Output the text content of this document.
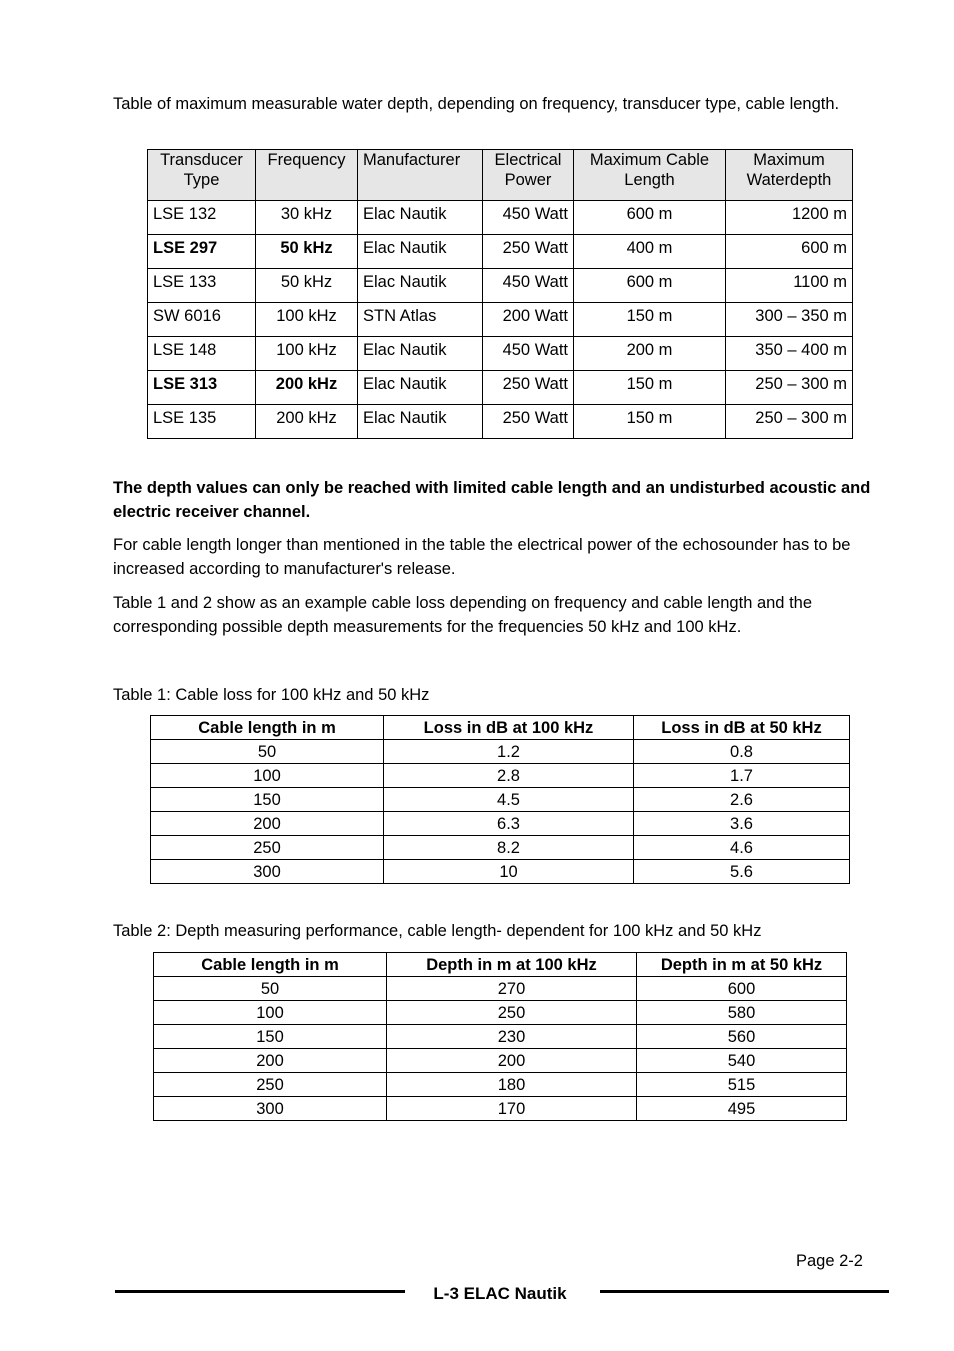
Table of maximum measurable water depth, depending on frequency, transducer type, cable length.

Transducer Type	Frequency	Manufacturer	Electrical Power	Maximum Cable Length	Maximum Waterdepth
LSE 132	30 kHz	Elac Nautik	450 Watt	600 m	1200 m
LSE 297	50 kHz	Elac Nautik	250 Watt	400 m	600 m
LSE 133	50 kHz	Elac Nautik	450 Watt	600 m	1100 m
SW 6016	100 kHz	STN Atlas	200 Watt	150 m	300 – 350 m
LSE 148	100 kHz	Elac Nautik	450 Watt	200 m	350 – 400 m
LSE 313	200 kHz	Elac Nautik	250 Watt	150 m	250 – 300 m
LSE 135	200 kHz	Elac Nautik	250 Watt	150 m	250 – 300 m

The depth values can only be reached with limited cable length and an undisturbed acoustic and electric receiver channel.

For cable length longer than mentioned in the table the electrical power of the echosounder has to be increased according to manufacturer's release.

Table 1 and 2 show as an example cable loss depending on frequency and cable length and the corresponding possible depth measurements for the frequencies 50 kHz and 100 kHz.

Table 1: Cable loss for 100 kHz and 50 kHz

Cable length in m	Loss in dB at 100 kHz	Loss in dB at 50 kHz
50	1.2	0.8
100	2.8	1.7
150	4.5	2.6
200	6.3	3.6
250	8.2	4.6
300	10	5.6

Table 2: Depth measuring performance, cable length- dependent for 100 kHz and 50 kHz

Cable length in m	Depth in m at 100 kHz	Depth in m at 50 kHz
50	270	600
100	250	580
150	230	560
200	200	540
250	180	515
300	170	495
Page 2-2
L-3 ELAC Nautik
